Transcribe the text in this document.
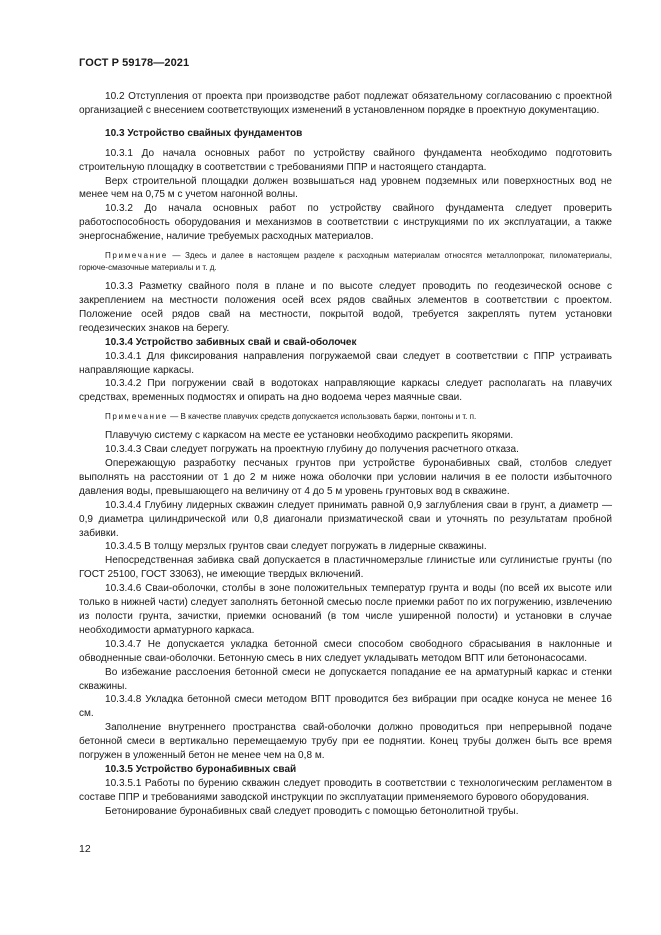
ГОСТ Р 59178—2021

10.2 Отступления от проекта при производстве работ подлежат обязательному согласованию с проектной организацией с внесением соответствующих изменений в установленном порядке в проектную документацию.

10.3 Устройство свайных фундаментов

10.3.1 До начала основных работ по устройству свайного фундамента необходимо подготовить строительную площадку в соответствии с требованиями ППР и настоящего стандарта.

Верх строительной площадки должен возвышаться над уровнем подземных или поверхностных вод не менее чем на 0,75 м с учетом нагонной волны.

10.3.2 До начала основных работ по устройству свайного фундамента следует проверить работоспособность оборудования и механизмов в соответствии с инструкциями по их эксплуатации, а также энергоснабжение, наличие требуемых расходных материалов.

Примечание — Здесь и далее в настоящем разделе к расходным материалам относятся металлопрокат, пиломатериалы, горюче-смазочные материалы и т. д.

10.3.3 Разметку свайного поля в плане и по высоте следует проводить по геодезической основе с закреплением на местности положения осей всех рядов свайных элементов в соответствии с проектом. Положение осей рядов свай на местности, покрытой водой, требуется закреплять путем установки геодезических знаков на берегу.

10.3.4 Устройство забивных свай и свай-оболочек

10.3.4.1 Для фиксирования направления погружаемой сваи следует в соответствии с ППР устраивать направляющие каркасы.

10.3.4.2 При погружении свай в водотоках направляющие каркасы следует располагать на плавучих средствах, временных подмостях и опирать на дно водоема через маячные сваи.

Примечание — В качестве плавучих средств допускается использовать баржи, понтоны и т. п.

Плавучую систему с каркасом на месте ее установки необходимо раскрепить якорями.

10.3.4.3 Сваи следует погружать на проектную глубину до получения расчетного отказа.

Опережающую разработку песчаных грунтов при устройстве буронабивных свай, столбов следует выполнять на расстоянии от 1 до 2 м ниже ножа оболочки при условии наличия в ее полости избыточного давления воды, превышающего на величину от 4 до 5 м уровень грунтовых вод в скважине.

10.3.4.4 Глубину лидерных скважин следует принимать равной 0,9 заглубления сваи в грунт, а диаметр — 0,9 диаметра цилиндрической или 0,8 диагонали призматической сваи и уточнять по результатам пробной забивки.

10.3.4.5 В толщу мерзлых грунтов сваи следует погружать в лидерные скважины.

Непосредственная забивка свай допускается в пластичномерзлые глинистые или суглинистые грунты (по ГОСТ 25100, ГОСТ 33063), не имеющие твердых включений.

10.3.4.6 Сваи-оболочки, столбы в зоне положительных температур грунта и воды (по всей их высоте или только в нижней части) следует заполнять бетонной смесью после приемки работ по их погружению, извлечению из полости грунта, зачистки, приемки оснований (в том числе уширенной полости) и установки в случае необходимости арматурного каркаса.

10.3.4.7 Не допускается укладка бетонной смеси способом свободного сбрасывания в наклонные и обводненные сваи-оболочки. Бетонную смесь в них следует укладывать методом ВПТ или бетононасосами.

Во избежание расслоения бетонной смеси не допускается попадание ее на арматурный каркас и стенки скважины.

10.3.4.8 Укладка бетонной смеси методом ВПТ проводится без вибрации при осадке конуса не менее 16 см.

Заполнение внутреннего пространства свай-оболочки должно проводиться при непрерывной подаче бетонной смеси в вертикально перемещаемую трубу при ее поднятии. Конец трубы должен быть все время погружен в уложенный бетон не менее чем на 0,8 м.

10.3.5 Устройство буронабивных свай

10.3.5.1 Работы по бурению скважин следует проводить в соответствии с технологическим регламентом в составе ППР и требованиями заводской инструкции по эксплуатации применяемого бурового оборудования.

Бетонирование буронабивных свай следует проводить с помощью бетонолитной трубы.

12
